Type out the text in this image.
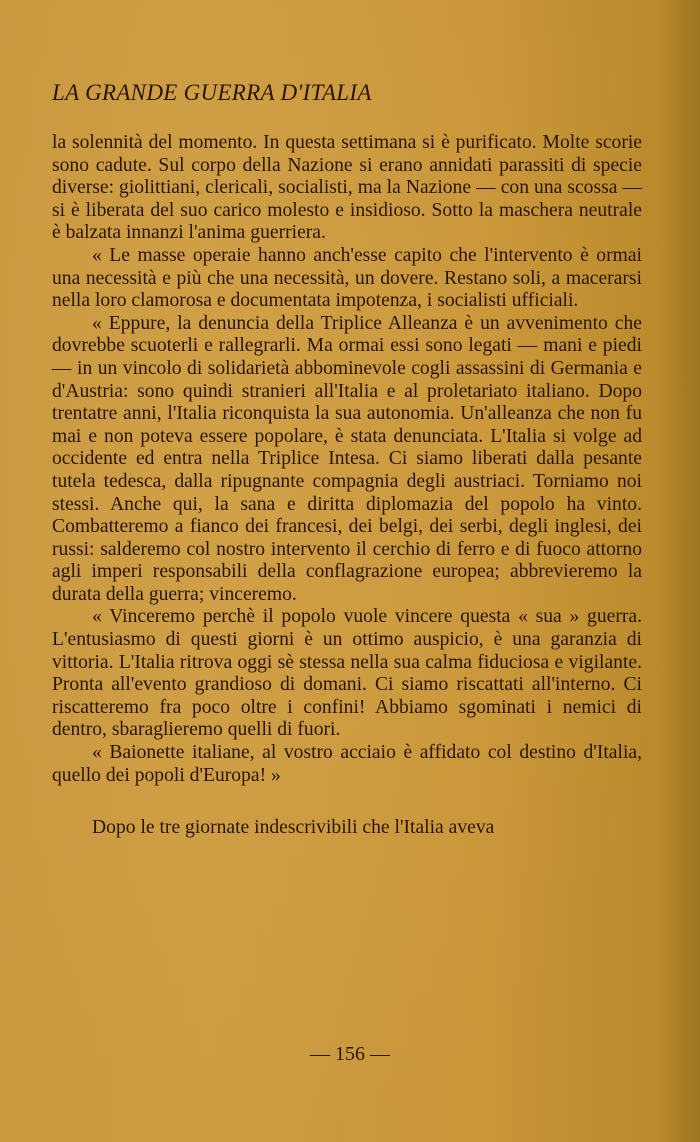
LA GRANDE GUERRA D'ITALIA

la solennità del momento. In questa settimana si è purificato. Molte scorie sono cadute. Sul corpo della Nazione si erano annidati parassiti di specie diverse: giolittiani, clericali, socialisti, ma la Nazione — con una scossa — si è liberata del suo carico molesto e insidioso. Sotto la maschera neutrale è balzata innanzi l'anima guerriera.

« Le masse operaie hanno anch'esse capito che l'intervento è ormai una necessità e più che una necessità, un dovere. Restano soli, a macerarsi nella loro clamorosa e documentata impotenza, i socialisti ufficiali.

« Eppure, la denuncia della Triplice Alleanza è un avvenimento che dovrebbe scuoterli e rallegrarli. Ma ormai essi sono legati — mani e piedi — in un vincolo di solidarietà abbominevole cogli assassini di Germania e d'Austria: sono quindi stranieri all'Italia e al proletariato italiano. Dopo trentatre anni, l'Italia riconquista la sua autonomia. Un'alleanza che non fu mai e non poteva essere popolare, è stata denunciata. L'Italia si volge ad occidente ed entra nella Triplice Intesa. Ci siamo liberati dalla pesante tutela tedesca, dalla ripugnante compagnia degli austriaci. Torniamo noi stessi. Anche qui, la sana e diritta diplomazia del popolo ha vinto. Combatteremo a fianco dei francesi, dei belgi, dei serbi, degli inglesi, dei russi: salderemo col nostro intervento il cerchio di ferro e di fuoco attorno agli imperi responsabili della conflagrazione europea; abbrevieremo la durata della guerra; vinceremo.

« Vinceremo perchè il popolo vuole vincere questa « sua » guerra. L'entusiasmo di questi giorni è un ottimo auspicio, è una garanzia di vittoria. L'Italia ritrova oggi sè stessa nella sua calma fiduciosa e vigilante. Pronta all'evento grandioso di domani. Ci siamo riscattati all'interno. Ci riscatteremo fra poco oltre i confini! Abbiamo sgominati i nemici di dentro, sbaraglieremo quelli di fuori.

« Baionette italiane, al vostro acciaio è affidato col destino d'Italia, quello dei popoli d'Europa! »

Dopo le tre giornate indescrivibili che l'Italia aveva

— 156 —
